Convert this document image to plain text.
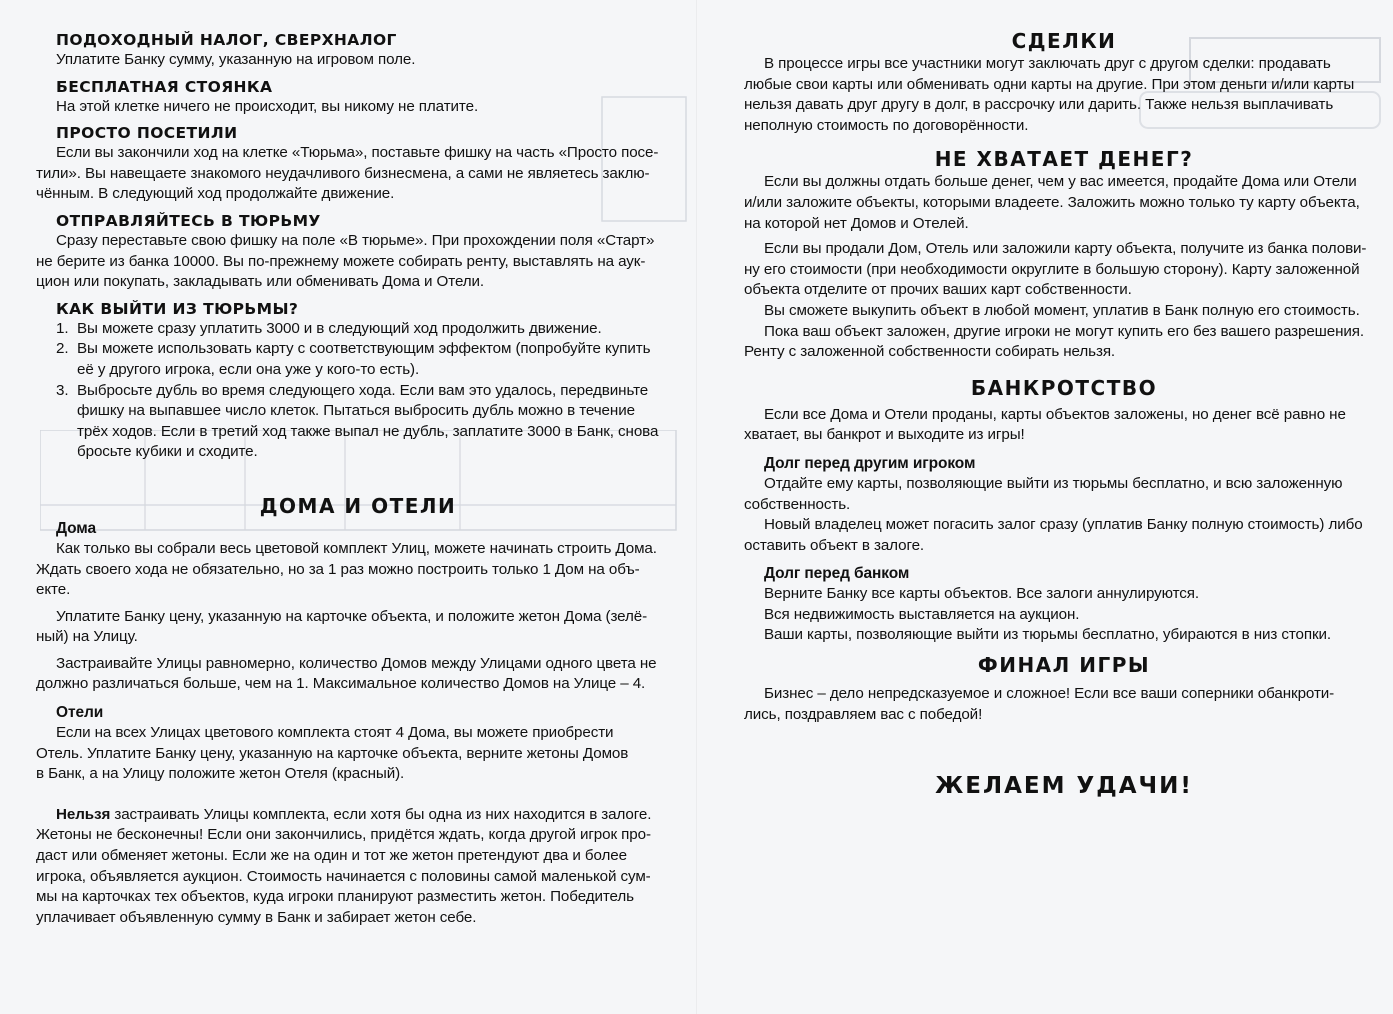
ПОДОХОДНЫЙ НАЛОГ, СВЕРХНАЛОГ

Уплатите Банку сумму, указанную на игровом поле.

БЕСПЛАТНАЯ СТОЯНКА

На этой клетке ничего не происходит, вы никому не платите.

ПРОСТО ПОСЕТИЛИ

Если вы закончили ход на клетке «Тюрьма», поставьте фишку на часть «Просто посе-

тили». Вы навещаете знакомого неудачливого бизнесмена, а сами не являетесь заклю-

чённым. В следующий ход продолжайте движение.

ОТПРАВЛЯЙТЕСЬ В ТЮРЬМУ

Сразу переставьте свою фишку на поле «В тюрьме». При прохождении поля «Старт»

не берите из банка 10000. Вы по-прежнему можете собирать ренту, выставлять на аук-

цион или покупать, закладывать или обменивать Дома и Отели.

КАК ВЫЙТИ ИЗ ТЮРЬМЫ?
1. Вы можете сразу уплатить 3000 и в следующий ход продолжить движение.
2. Вы можете использовать карту с соответствующим эффектом (попробуйте купить
её у другого игрока, если она уже у кого-то есть).
3. Выбросьте дубль во время следующего хода. Если вам это удалось, передвиньте
фишку на выпавшее число клеток. Пытаться выбросить дубль можно в течение
трёх ходов. Если в третий ход также выпал не дубль, заплатите 3000 в Банк, снова
бросьте кубики и сходите.
ДОМА И ОТЕЛИ
Дома

Как только вы собрали весь цветовой комплект Улиц, можете начинать строить Дома.

Ждать своего хода не обязательно, но за 1 раз можно построить только 1 Дом на объ-

екте.

Уплатите Банку цену, указанную на карточке объекта, и положите жетон Дома (зелё-

ный) на Улицу.

Застраивайте Улицы равномерно, количество Домов между Улицами одного цвета не

должно различаться больше, чем на 1. Максимальное количество Домов на Улице – 4.

Отели

Если на всех Улицах цветового комплекта стоят 4 Дома, вы можете приобрести

Отель. Уплатите Банку цену, указанную на карточке объекта, верните жетоны Домов

в Банк, а на Улицу положите жетон Отеля (красный).

Нельзя застраивать Улицы комплекта, если хотя бы одна из них находится в залоге.

Жетоны не бесконечны! Если они закончились, придётся ждать, когда другой игрок про-

даст или обменяет жетоны. Если же на один и тот же жетон претендуют два и более

игрока, объявляется аукцион. Стоимость начинается с половины самой маленькой сум-

мы на карточках тех объектов, куда игроки планируют разместить жетон. Победитель

уплачивает объявленную сумму в Банк и забирает жетон себе.

СДЕЛКИ

В процессе игры все участники могут заключать друг с другом сделки: продавать

любые свои карты или обменивать одни карты на другие. При этом деньги и/или карты

нельзя давать друг другу в долг, в рассрочку или дарить. Также нельзя выплачивать

неполную стоимость по договорённости.

НЕ ХВАТАЕТ ДЕНЕГ?

Если вы должны отдать больше денег, чем у вас имеется, продайте Дома или Отели

и/или заложите объекты, которыми владеете. Заложить можно только ту карту объекта,

на которой нет Домов и Отелей.

Если вы продали Дом, Отель или заложили карту объекта, получите из банка полови-

ну его стоимости (при необходимости округлите в большую сторону). Карту заложенной

объекта отделите от прочих ваших карт собственности.

Вы сможете выкупить объект в любой момент, уплатив в Банк полную его стоимость.

Пока ваш объект заложен, другие игроки не могут купить его без вашего разрешения.

Ренту с заложенной собственности собирать нельзя.

БАНКРОТСТВО

Если все Дома и Отели проданы, карты объектов заложены, но денег всё равно не

хватает, вы банкрот и выходите из игры!

Долг перед другим игроком

Отдайте ему карты, позволяющие выйти из тюрьмы бесплатно, и всю заложенную

собственность.

Новый владелец может погасить залог сразу (уплатив Банку полную стоимость) либо

оставить объект в залоге.

Долг перед банком

Верните Банку все карты объектов. Все залоги аннулируются.

Вся недвижимость выставляется на аукцион.

Ваши карты, позволяющие выйти из тюрьмы бесплатно, убираются в низ стопки.

ФИНАЛ ИГРЫ

Бизнес – дело непредсказуемое и сложное! Если все ваши соперники обанкроти-

лись, поздравляем вас с победой!

ЖЕЛАЕМ УДАЧИ!
